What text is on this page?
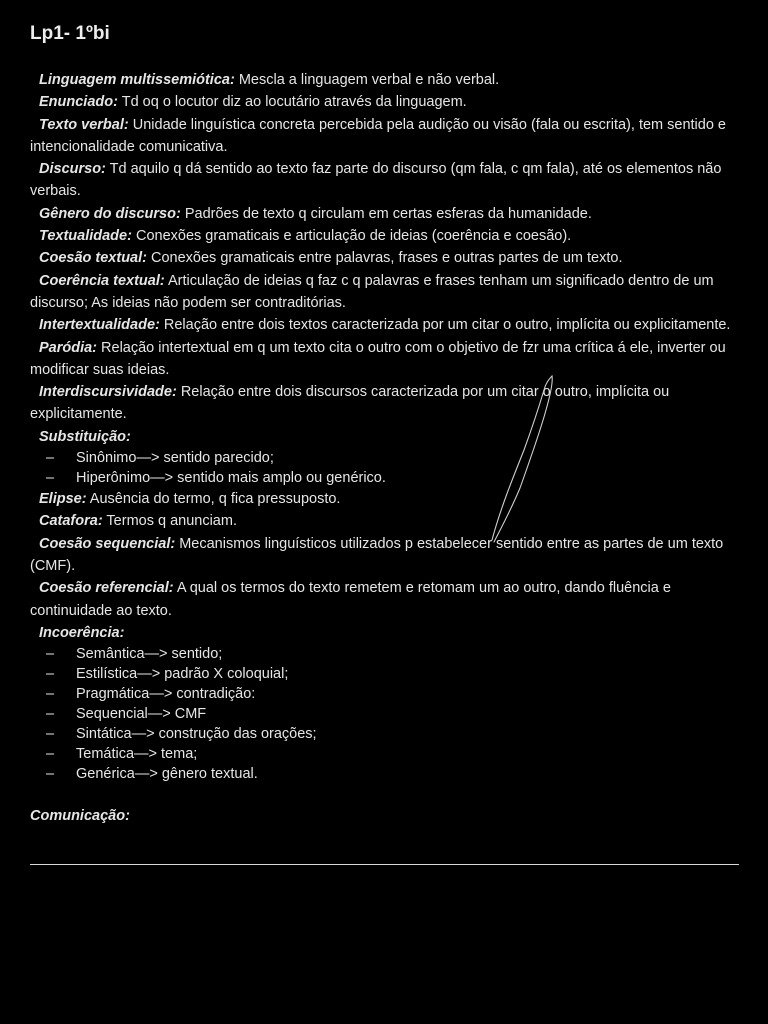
Lp1- 1ºbi

Linguagem multissemiótica: Mescla a linguagem verbal e não verbal.

Enunciado: Td oq o locutor diz ao locutário através da linguagem.

Texto verbal: Unidade linguística concreta percebida pela audição ou visão (fala ou escrita), tem sentido e intencionalidade comunicativa.

Discurso: Td aquilo q dá sentido ao texto faz parte do discurso (qm fala, c qm fala), até os elementos não verbais.

Gênero do discurso: Padrões de texto q circulam em certas esferas da humanidade.

Textualidade: Conexões gramaticais e articulação de ideias (coerência e coesão).

Coesão textual: Conexões gramaticais entre palavras, frases e outras partes de um texto.

Coerência textual: Articulação de ideias q faz c q palavras e frases tenham um significado dentro de um discurso; As ideias não podem ser contraditórias.

Intertextualidade: Relação entre dois textos caracterizada por um citar o outro, implícita ou explicitamente.

Paródia: Relação intertextual em q um texto cita o outro com o objetivo de fzr uma crítica á ele, inverter ou modificar suas ideias.

Interdiscursividade: Relação entre dois discursos caracterizada por um citar o outro, implícita ou explicitamente.

Substituição:

– Sinônimo—> sentido parecido;
– Hiperônimo—> sentido mais amplo ou genérico.

Elipse: Ausência do termo, q fica pressuposto.

Catafora: Termos q anunciam.

Coesão sequencial: Mecanismos linguísticos utilizados p estabelecer sentido entre as partes de um texto (CMF).

Coesão referencial: A qual os termos do texto remetem e retomam um ao outro, dando fluência e continuidade ao texto.

Incoerência:

– Semântica—> sentido;
– Estilística—> padrão X coloquial;
– Pragmática—> contradição:
– Sequencial—> CMF
– Sintática—> construção das orações;
– Temática—> tema;
– Genérica—> gênero textual.
Comunicação:
